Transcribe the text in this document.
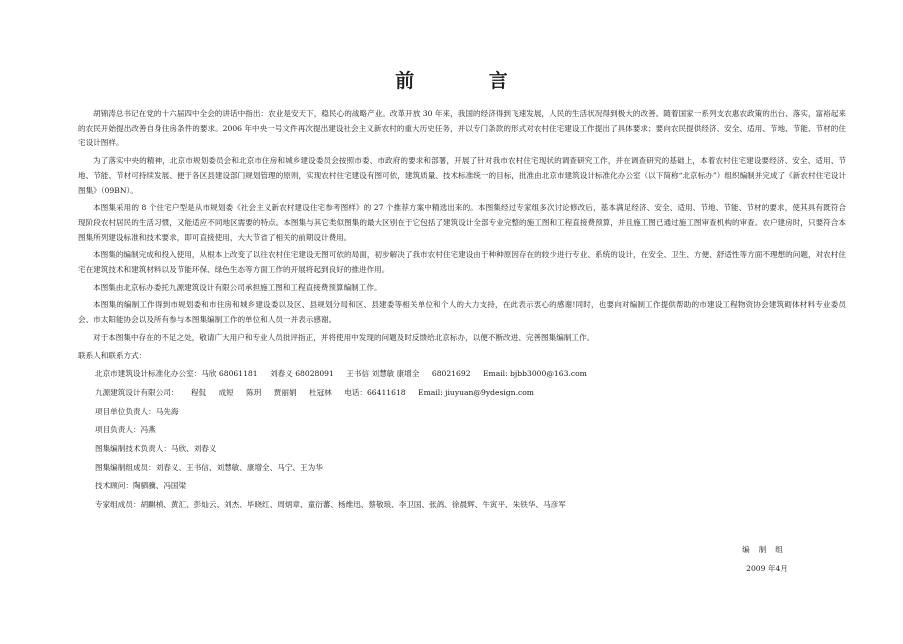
前 言

胡锦涛总书记在党的十六届四中全会的讲话中指出：农业是安天下，稳民心的战略产业。改革开放 30 年来，我国的经济得到飞速发展，人民的生活状况得到极大的改善。随着国家一系列支农惠农政策的出台、落实，富裕起来的农民开始提出改善自身住房条件的要求。2006 年中央一号文件再次提出建设社会主义新农村的重大历史任务，并以专门条款的形式对农村住宅建设工作提出了具体要求；要向农民提供经济、安全、适用、节地、节能、节材的住宅设计图样。

为了落实中央的精神，北京市规划委员会和北京市住房和城乡建设委员会按照市委、市政府的要求和部署，开展了针对我市农村住宅现状的调查研究工作，并在调查研究的基础上，本着农村住宅建设要经济、安全、适用、节地、节能、节材可持续发展、便于各区县建设部门规划管理的原则，实现农村住宅建设有图可依，建筑质量、技术标准统一的目标，批准由北京市建筑设计标准化办公室（以下简称“北京标办”）组织编制并完成了《新农村住宅设计图集》（09BN）。

本图集采用的 8 个住宅户型是从市规划委《社会主义新农村建设住宅参考图样》的 27 个推荐方案中精选出来的。本图集经过专家组多次讨论修改后，基本满足经济、安全、适用、节地、节能、节材的要求，使其具有既符合现阶段农村居民的生活习惯，又能适应不同地区需要的特点。本图集与其它类似图集的最大区别在于它包括了建筑设计全部专业完整的施工图和工程直接费预算，并且施工图已通过施工图审查机构的审查。农户建房时，只要符合本图集所列建设标准和技术要求，即可直接使用，大大节省了相关的前期设计费用。

本图集的编制完成和投入使用，从根本上改变了以往农村住宅建设无图可依的局面，初步解决了我市农村住宅建设由于种种原因存在的较少进行专业、系统的设计，在安全、卫生、方便、舒适性等方面不理想的问题，对农村住宅在建筑技术和建筑材料以及节能环保、绿色生态等方面工作的开展将起到良好的推进作用。

本图集由北京标办委托九源建筑设计有限公司承担施工图和工程直接费预算编制工作。

本图集的编制工作得到市规划委和市住房和城乡建设委以及区、县规划分局和区、县建委等相关单位和个人的大力支持，在此表示衷心的感谢!同时，也要向对编制工作提供帮助的市建设工程物资协会建筑砌体材料专业委员会、市太阳能协会以及所有参与本图集编制工作的单位和人员一并表示感谢。

对于本图集中存在的不足之处，敬请广大用户和专业人员批评指正，并将使用中发现的问题及时反馈给北京标办，以便不断改进、完善图集编制工作。

联系人和联系方式：
北京市建筑设计标准化办公室：马欣 68061181 刘春义 68028091 王书信 刘慧敏 康增全 68021692 Email: bjbb3000@163.com
九源建筑设计有限公司： 程侃 成短 陈玥 贾丽娟 杜冠林 电话：66411618 Email: jiuyuan@9ydesign.com
项目单位负责人：马先海
项目负责人：冯燕
图集编制技术负责人：马欣、刘春义
图集编制组成员：刘春义、王书信、刘慧敏、康增全、马宁、王为华
技术顾问：陶驷骥、冯国梁
专家组成员：胡麒楨、黄汇、彭灿云、刘杰、毕晓红、周炳章、童衍蕃、杨维迅、蔡敬琅、李卫国、张鸽、徐晨辉、牛寅平、朱铁华、马彦军
编制组
2009 年4月
